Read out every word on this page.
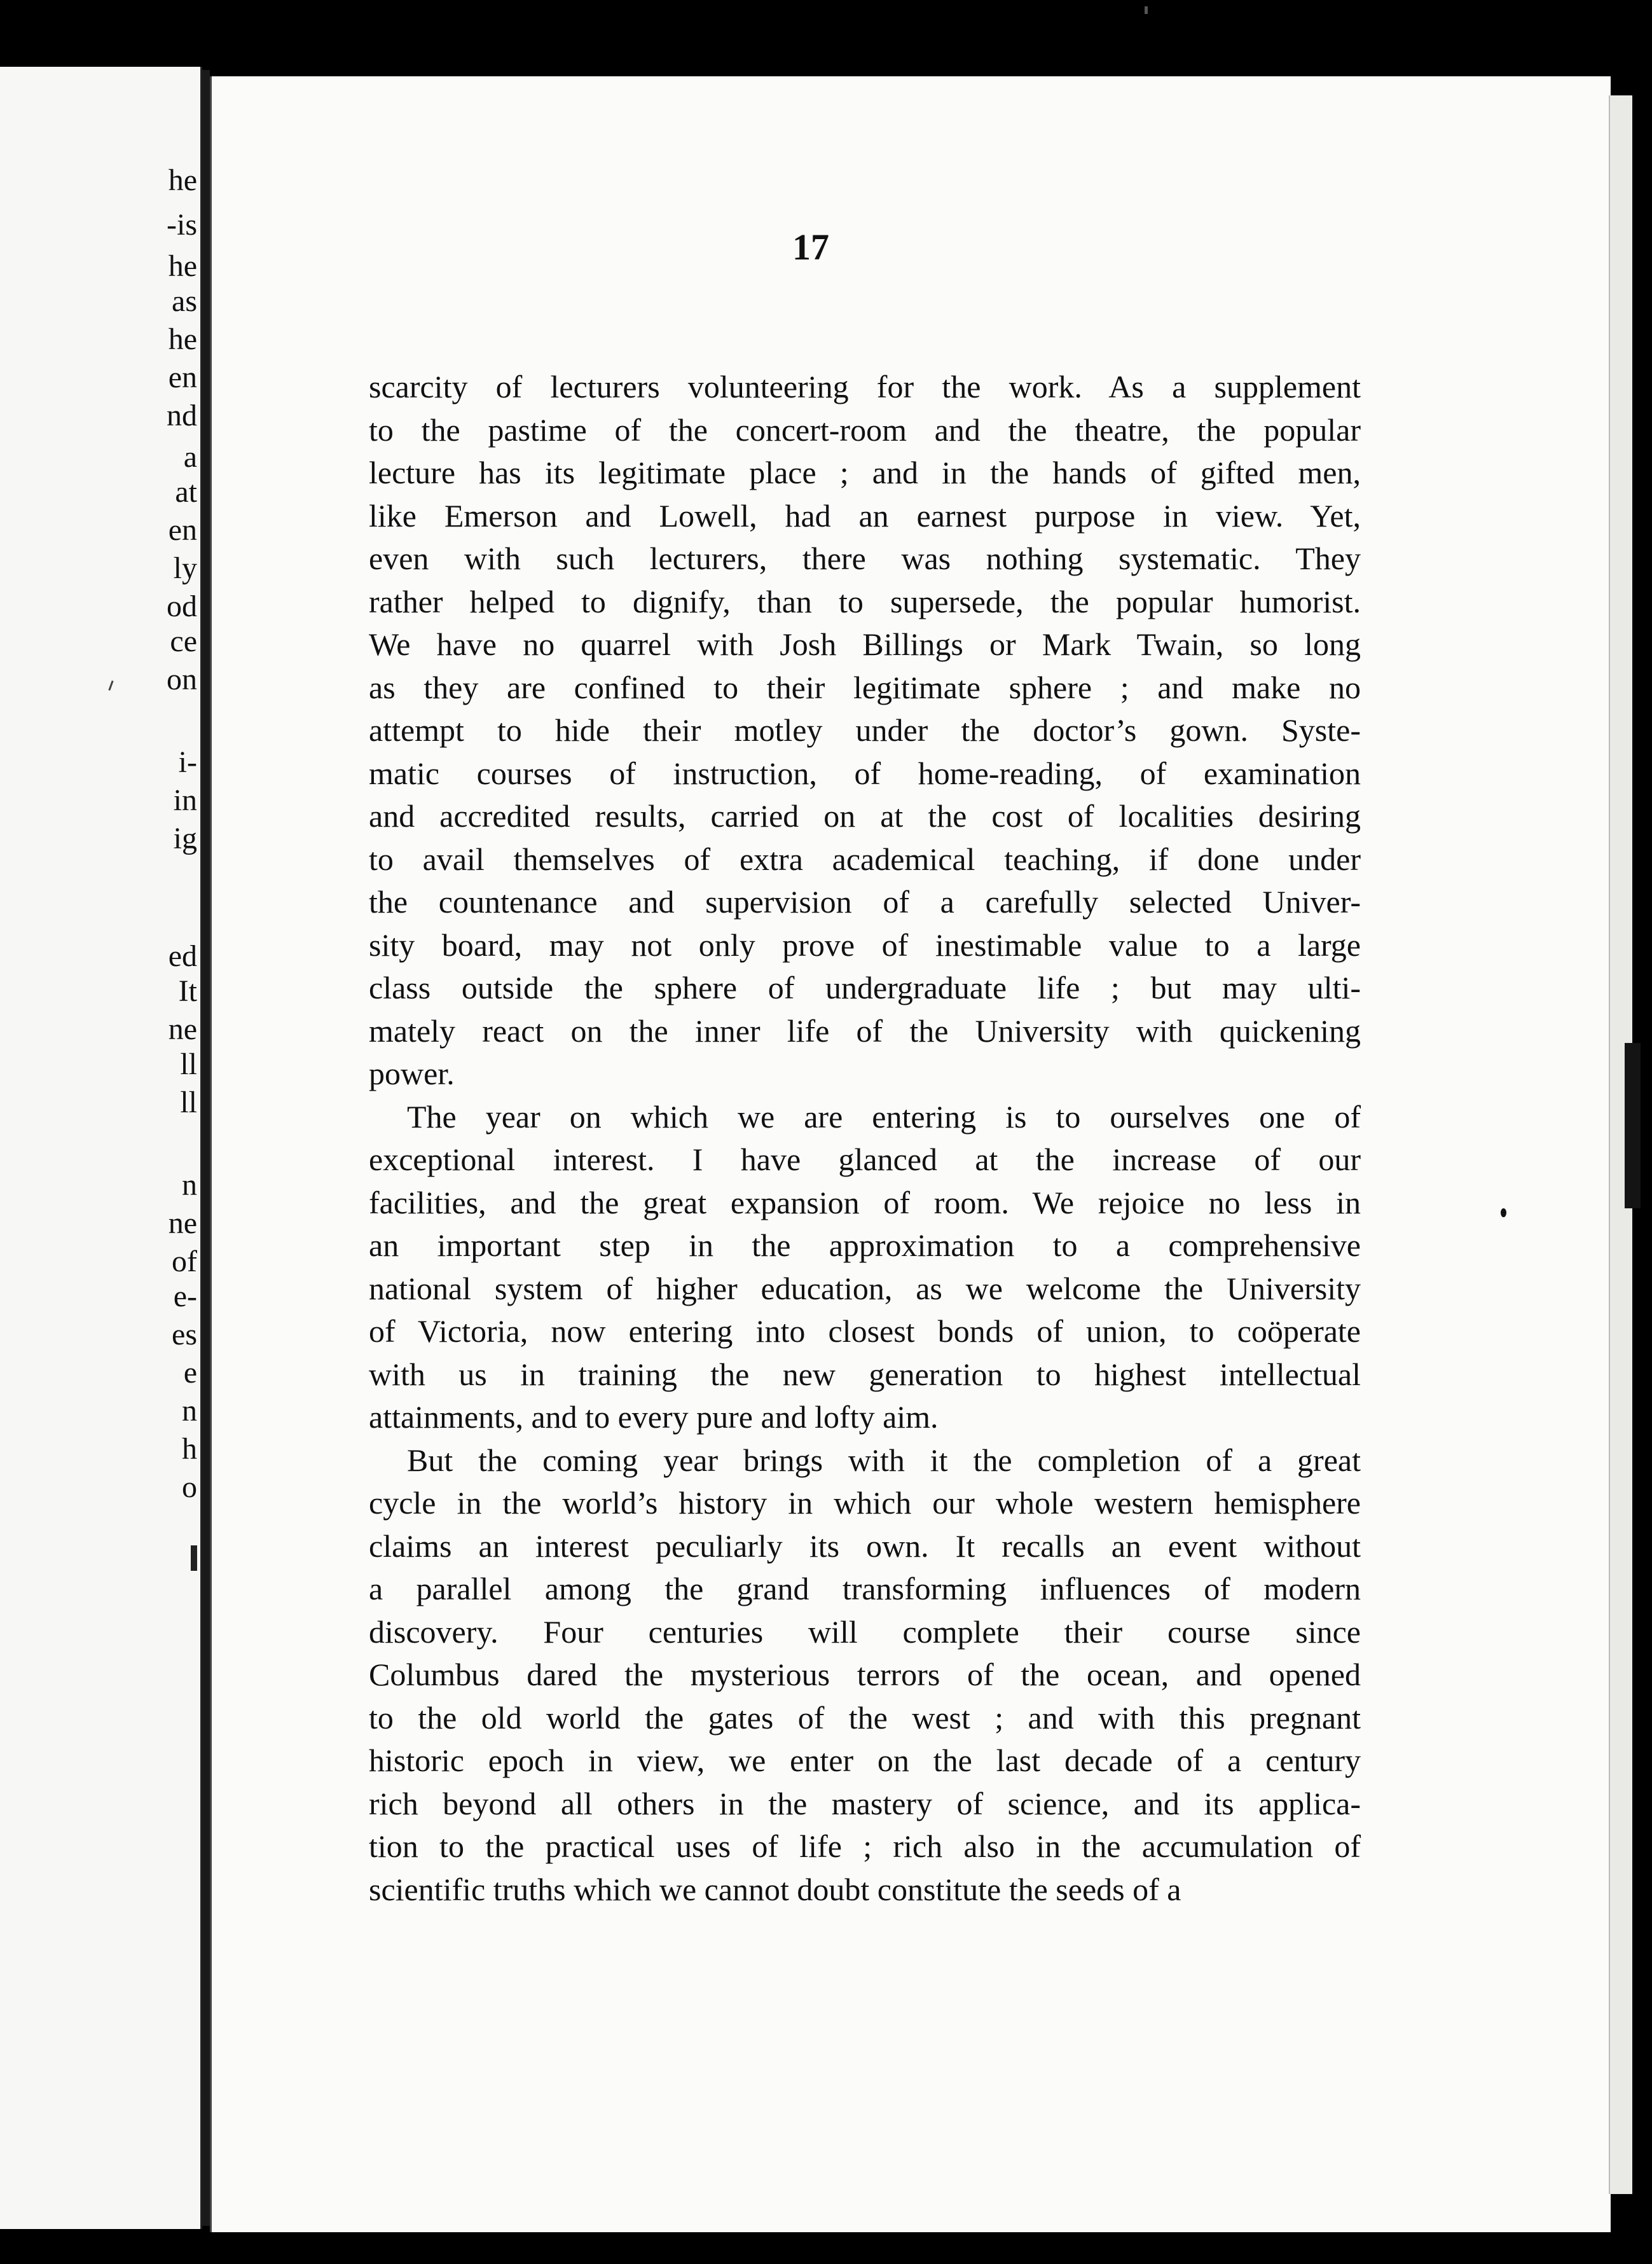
he
-is
he
as
he
en
nd
a
at
en
ly
od
ce
on
i-
in
ig
ed
It
ne
ll
ll
n
ne
of
e-
es
e
n
h
o
17
scarcity of lecturers volunteering for the work. As a supplement
to the pastime of the concert-room and the theatre, the popular
lecture has its legitimate place ; and in the hands of gifted men,
like Emerson and Lowell, had an earnest purpose in view. Yet,
even with such lecturers, there was nothing systematic. They
rather helped to dignify, than to supersede, the popular humorist.
We have no quarrel with Josh Billings or Mark Twain, so long
as they are confined to their legitimate sphere ; and make no
attempt to hide their motley under the doctor’s gown. Syste-
matic courses of instruction, of home-reading, of examination
and accredited results, carried on at the cost of localities desiring
to avail themselves of extra academical teaching, if done under
the countenance and supervision of a carefully selected Univer-
sity board, may not only prove of inestimable value to a large
class outside the sphere of undergraduate life ; but may ulti-
mately react on the inner life of the University with quickening
power.
The year on which we are entering is to ourselves one of
exceptional interest. I have glanced at the increase of our
facilities, and the great expansion of room. We rejoice no less in
an important step in the approximation to a comprehensive
national system of higher education, as we welcome the University
of Victoria, now entering into closest bonds of union, to coöperate
with us in training the new generation to highest intellectual
attainments, and to every pure and lofty aim.
But the coming year brings with it the completion of a great
cycle in the world’s history in which our whole western hemisphere
claims an interest peculiarly its own. It recalls an event without
a parallel among the grand transforming influences of modern
discovery. Four centuries will complete their course since
Columbus dared the mysterious terrors of the ocean, and opened
to the old world the gates of the west ; and with this pregnant
historic epoch in view, we enter on the last decade of a century
rich beyond all others in the mastery of science, and its applica-
tion to the practical uses of life ; rich also in the accumulation of
scientific truths which we cannot doubt constitute the seeds of a
